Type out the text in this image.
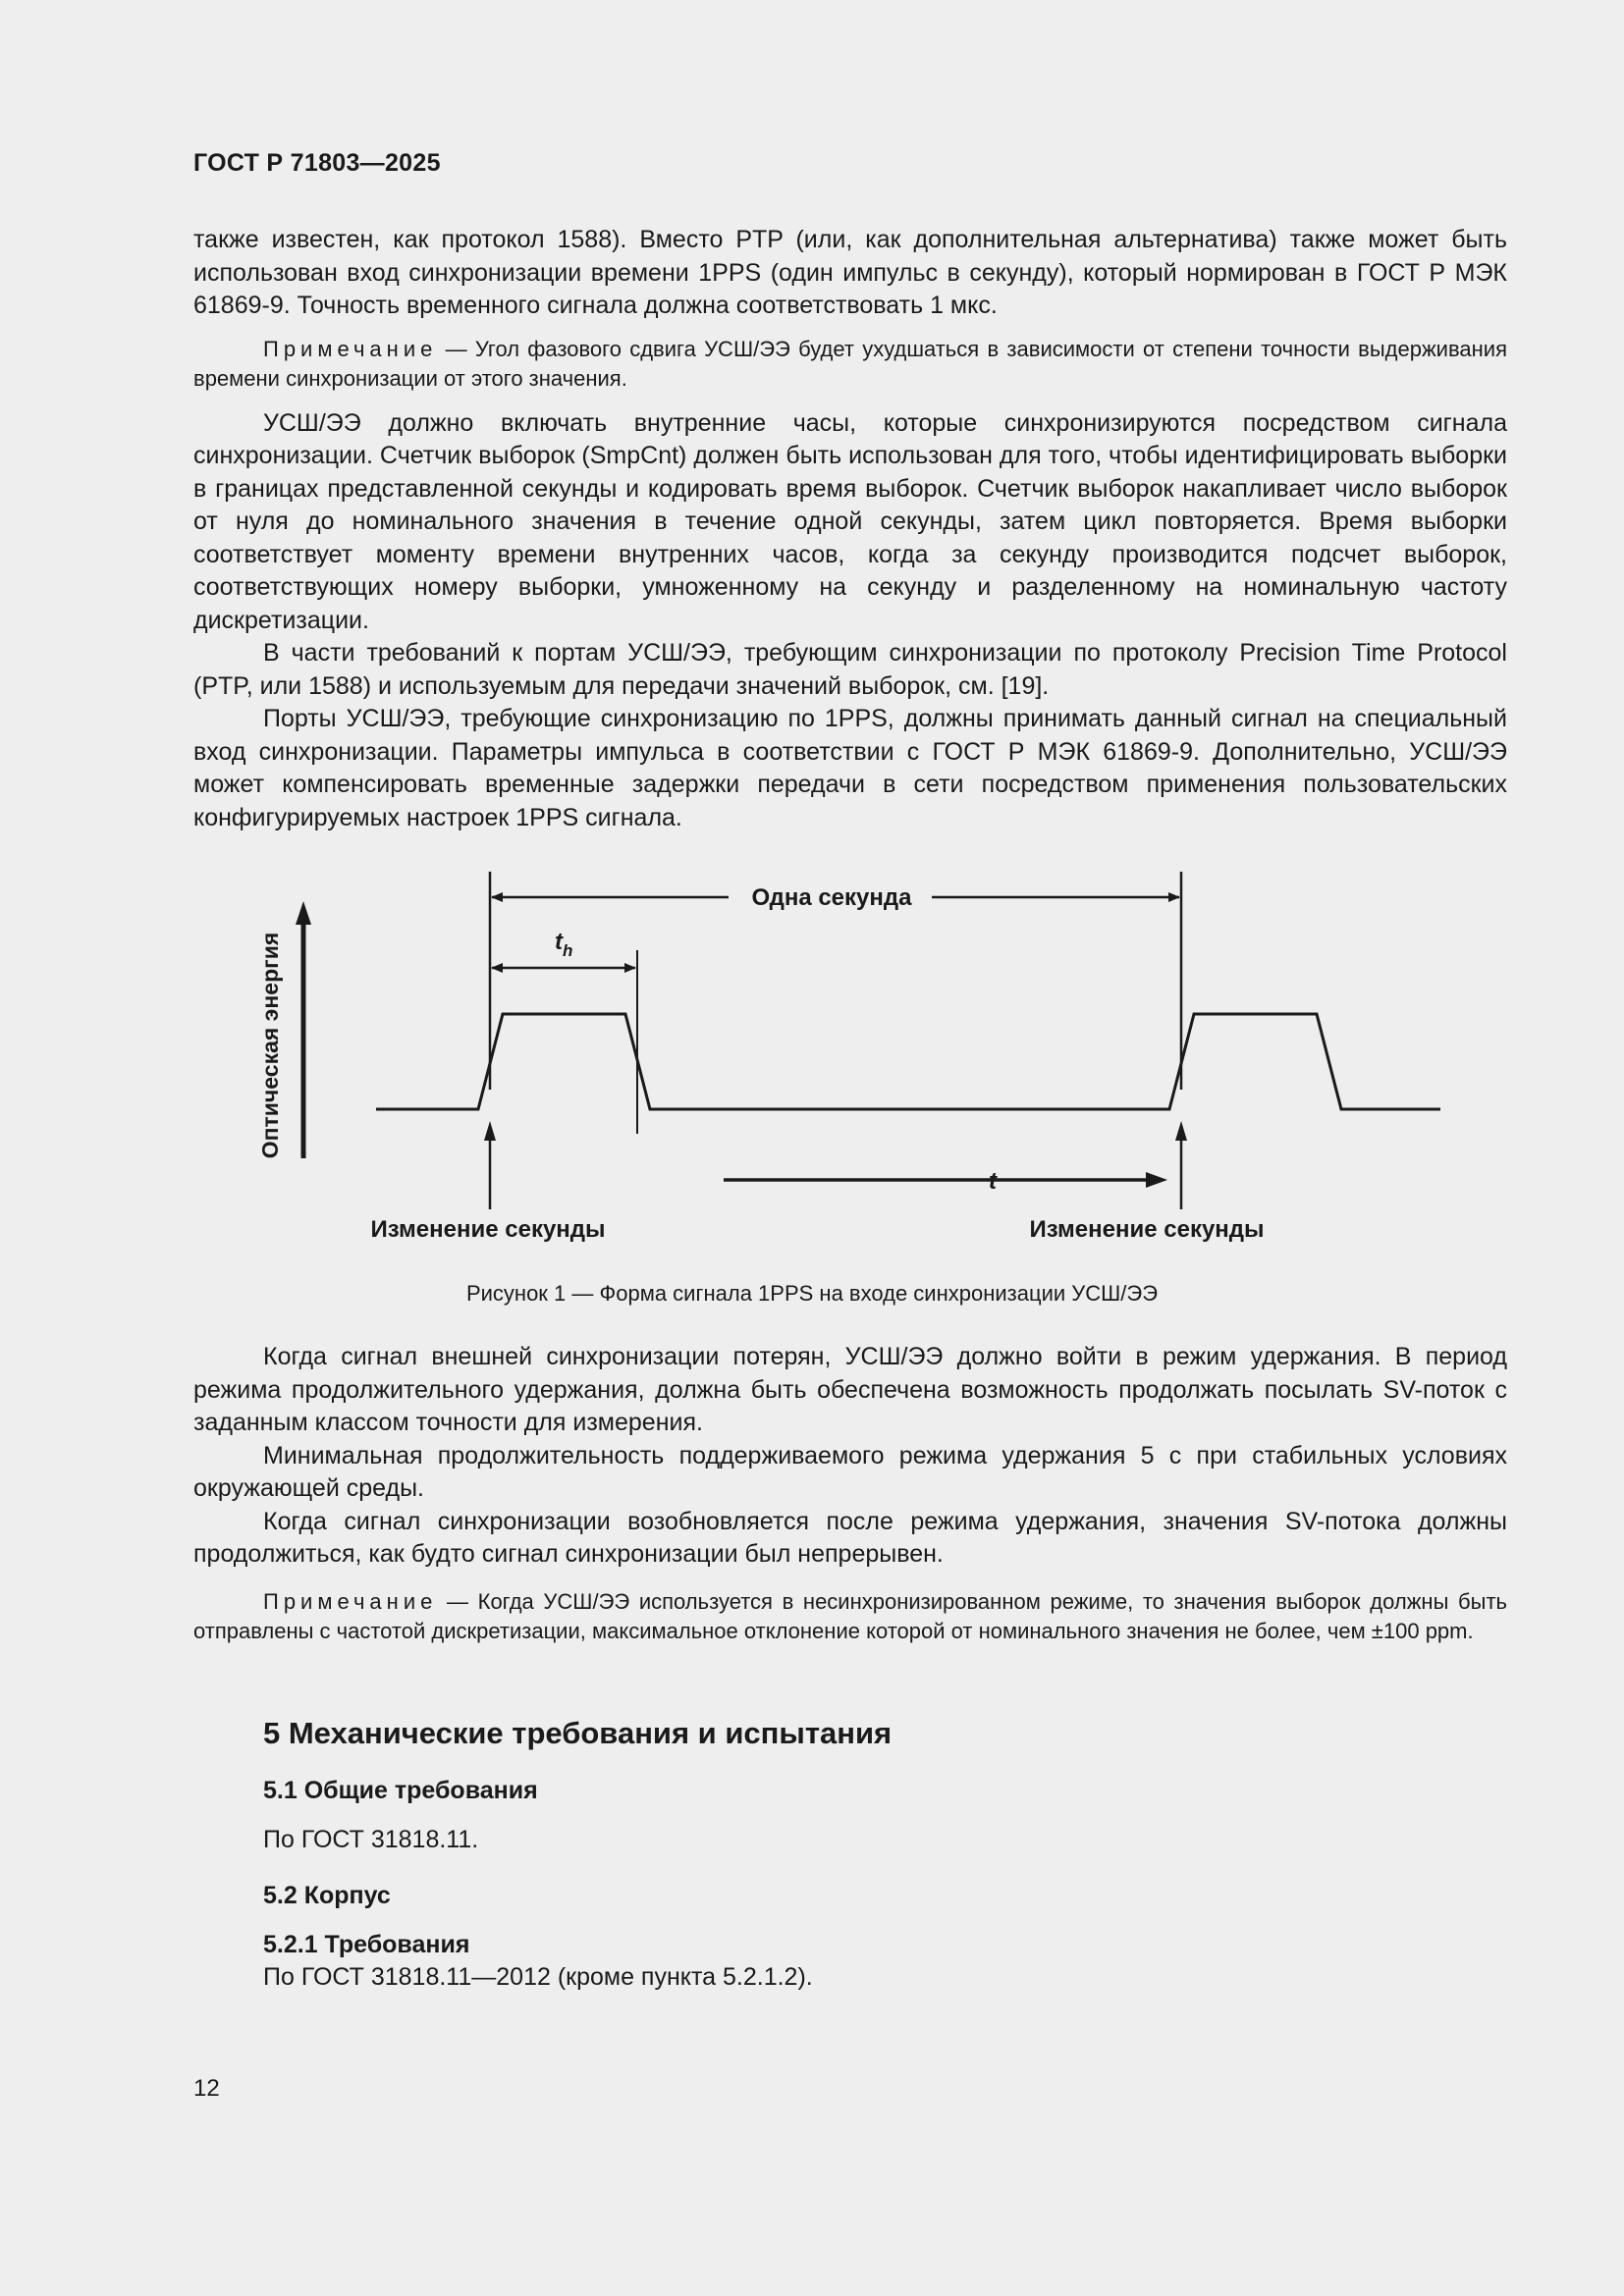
ГОСТ Р 71803—2025

также известен, как протокол 1588). Вместо PTP (или, как дополнительная альтернатива) также может быть использован вход синхронизации времени 1PPS (один импульс в секунду), который нормирован в ГОСТ Р МЭК 61869-9. Точность временного сигнала должна соответствовать 1 мкс.

Примечание — Угол фазового сдвига УСШ/ЭЭ будет ухудшаться в зависимости от степени точности выдерживания времени синхронизации от этого значения.

УСШ/ЭЭ должно включать внутренние часы, которые синхронизируются посредством сигнала синхронизации. Счетчик выборок (SmpCnt) должен быть использован для того, чтобы идентифицировать выборки в границах представленной секунды и кодировать время выборок. Счетчик выборок накапливает число выборок от нуля до номинального значения в течение одной секунды, затем цикл повторяется. Время выборки соответствует моменту времени внутренних часов, когда за секунду производится подсчет выборок, соответствующих номеру выборки, умноженному на секунду и разделенному на номинальную частоту дискретизации.

В части требований к портам УСШ/ЭЭ, требующим синхронизации по протоколу Precision Time Protocol (PTP, или 1588) и используемым для передачи значений выборок, см. [19].

Порты УСШ/ЭЭ, требующие синхронизацию по 1PPS, должны принимать данный сигнал на специальный вход синхронизации. Параметры импульса в соответствии с ГОСТ Р МЭК 61869-9. Дополнительно, УСШ/ЭЭ может компенсировать временные задержки передачи в сети посредством применения пользовательских конфигурируемых настроек 1PPS сигнала.

Одна секунда
$t_h$
Оптическая энергия
t
Изменение секунды	Изменение секунды
Рисунок 1 — Форма сигнала 1PPS на входе синхронизации УСШ/ЭЭ

Когда сигнал внешней синхронизации потерян, УСШ/ЭЭ должно войти в режим удержания. В период режима продолжительного удержания, должна быть обеспечена возможность продолжать посылать SV-поток с заданным классом точности для измерения.

Минимальная продолжительность поддерживаемого режима удержания 5 с при стабильных условиях окружающей среды.

Когда сигнал синхронизации возобновляется после режима удержания, значения SV-потока должны продолжиться, как будто сигнал синхронизации был непрерывен.

Примечание — Когда УСШ/ЭЭ используется в несинхронизированном режиме, то значения выборок должны быть отправлены с частотой дискретизации, максимальное отклонение которой от номинального значения не более, чем ±100 ppm.

5 Механические требования и испытания
5.1 Общие требования

По ГОСТ 31818.11.

5.2 Корпус
5.2.1 Требования

По ГОСТ 31818.11—2012 (кроме пункта 5.2.1.2).

12
